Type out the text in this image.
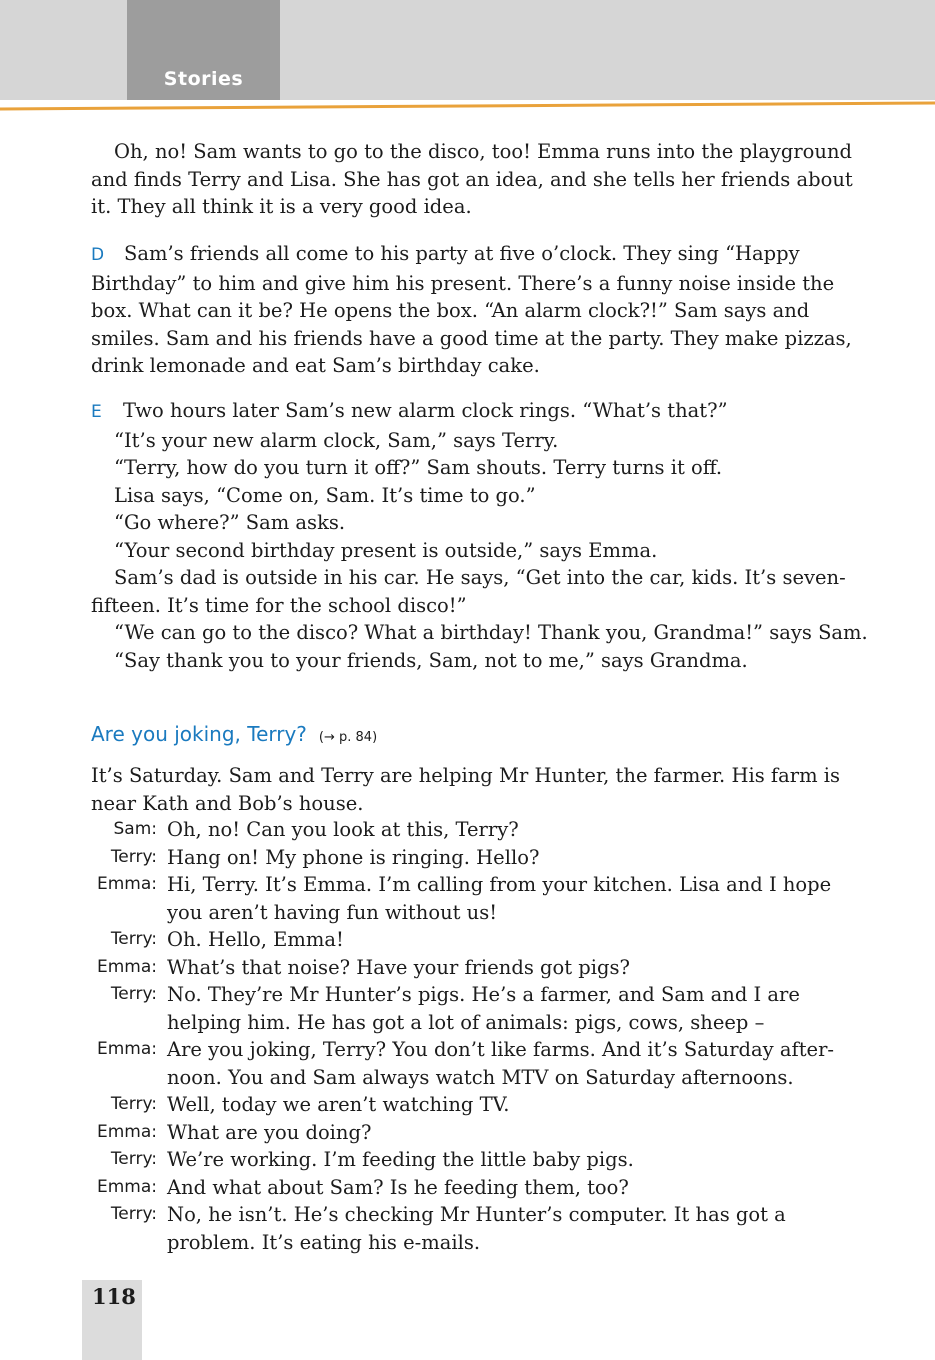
Stories

Oh, no! Sam wants to go to the disco, too! Emma runs into the playground and finds Terry and Lisa. She has got an idea, and she tells her friends about it. They all think it is a very good idea.

D Sam’s friends all come to his party at five o’clock. They sing “Happy Birthday” to him and give him his present. There’s a funny noise inside the box. What can it be? He opens the box. “An alarm clock?!” Sam says and smiles. Sam and his friends have a good time at the party. They make pizzas, drink lemonade and eat Sam’s birthday cake.

E Two hours later Sam’s new alarm clock rings. “What’s that?”

“It’s your new alarm clock, Sam,” says Terry.

“Terry, how do you turn it off?” Sam shouts. Terry turns it off.

Lisa says, “Come on, Sam. It’s time to go.”

“Go where?” Sam asks.

“Your second birthday present is outside,” says Emma.

Sam’s dad is outside in his car. He says, “Get into the car, kids. It’s seven-fifteen. It’s time for the school disco!”

“We can go to the disco? What a birthday! Thank you, Grandma!” says Sam.

“Say thank you to your friends, Sam, not to me,” says Grandma.

Are you joking, Terry? (→ p. 84)

It’s Saturday. Sam and Terry are helping Mr Hunter, the farmer. His farm is near Kath and Bob’s house.

Sam: Oh, no! Can you look at this, Terry?
Terry: Hang on! My phone is ringing. Hello?
Emma: Hi, Terry. It’s Emma. I’m calling from your kitchen. Lisa and I hope you aren’t having fun without us!
Terry: Oh. Hello, Emma!
Emma: What’s that noise? Have your friends got pigs?
Terry: No. They’re Mr Hunter’s pigs. He’s a farmer, and Sam and I are helping him. He has got a lot of animals: pigs, cows, sheep –
Emma: Are you joking, Terry? You don’t like farms. And it’s Saturday after-noon. You and Sam always watch MTV on Saturday afternoons.
Terry: Well, today we aren’t watching TV.
Emma: What are you doing?
Terry: We’re working. I’m feeding the little baby pigs.
Emma: And what about Sam? Is he feeding them, too?
Terry: No, he isn’t. He’s checking Mr Hunter’s computer. It has got a problem. It’s eating his e-mails.
118
